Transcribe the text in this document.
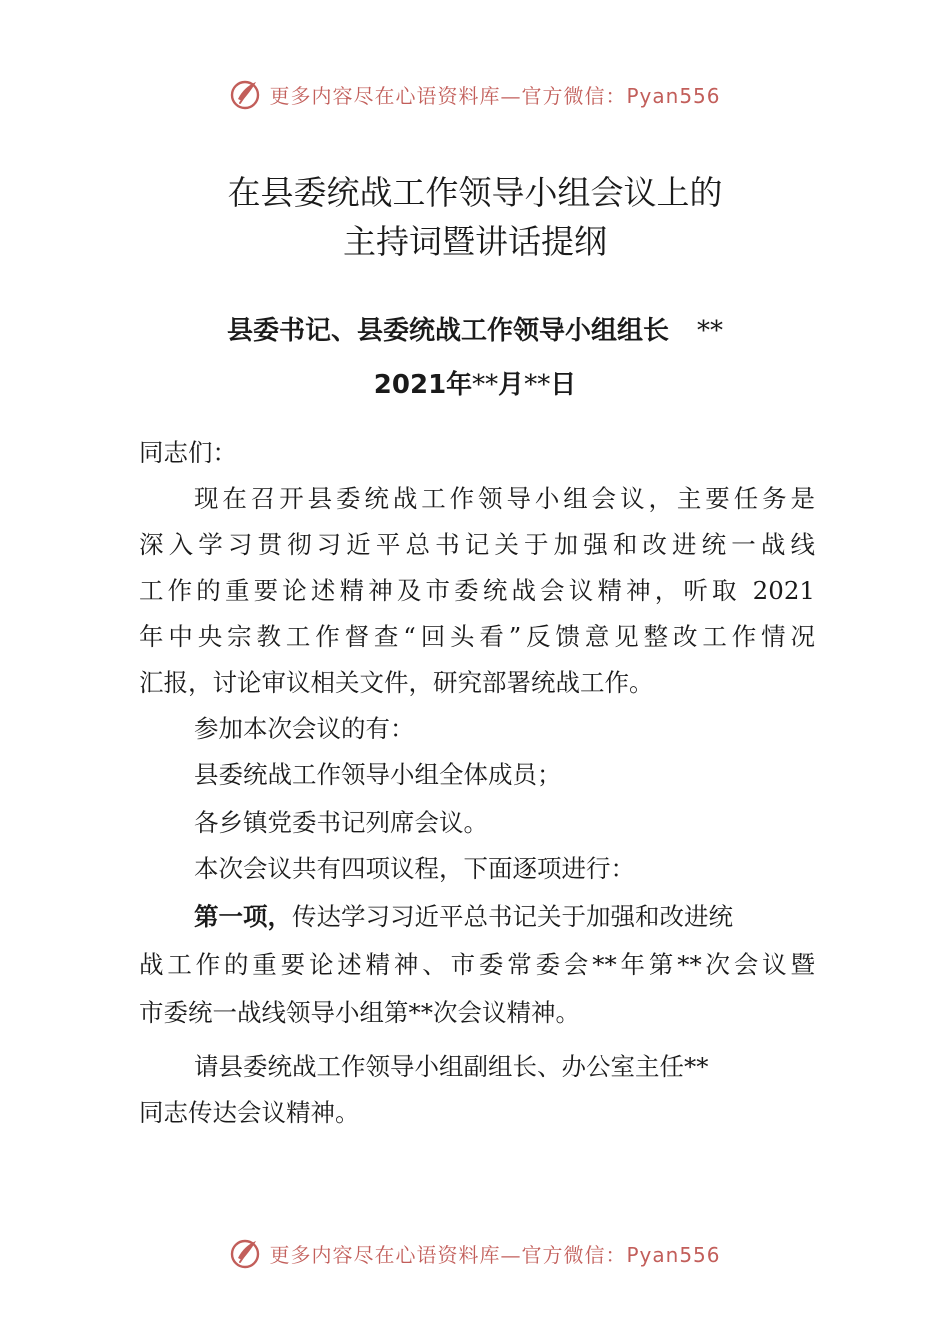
更多内容尽在心语资料库—官方微信：Pyan556
在县委统战工作领导小组会议上的
主持词暨讲话提纲
县委书记、县委统战工作领导小组组长 **
2021年**月**日
同志们：
现在召开县委统战工作领导小组会议，主要任务是
深入学习贯彻习近平总书记关于加强和改进统一战线
工作的重要论述精神及市委统战会议精神，听取 2021
年中央宗教工作督查“回头看”反馈意见整改工作情况
汇报，讨论审议相关文件，研究部署统战工作。
参加本次会议的有：
县委统战工作领导小组全体成员；
各乡镇党委书记列席会议。
本次会议共有四项议程，下面逐项进行：
第一项，传达学习习近平总书记关于加强和改进统
战工作的重要论述精神、市委常委会**年第**次会议暨
市委统一战线领导小组第**次会议精神。
请县委统战工作领导小组副组长、办公室主任**
同志传达会议精神。
更多内容尽在心语资料库—官方微信：Pyan556
